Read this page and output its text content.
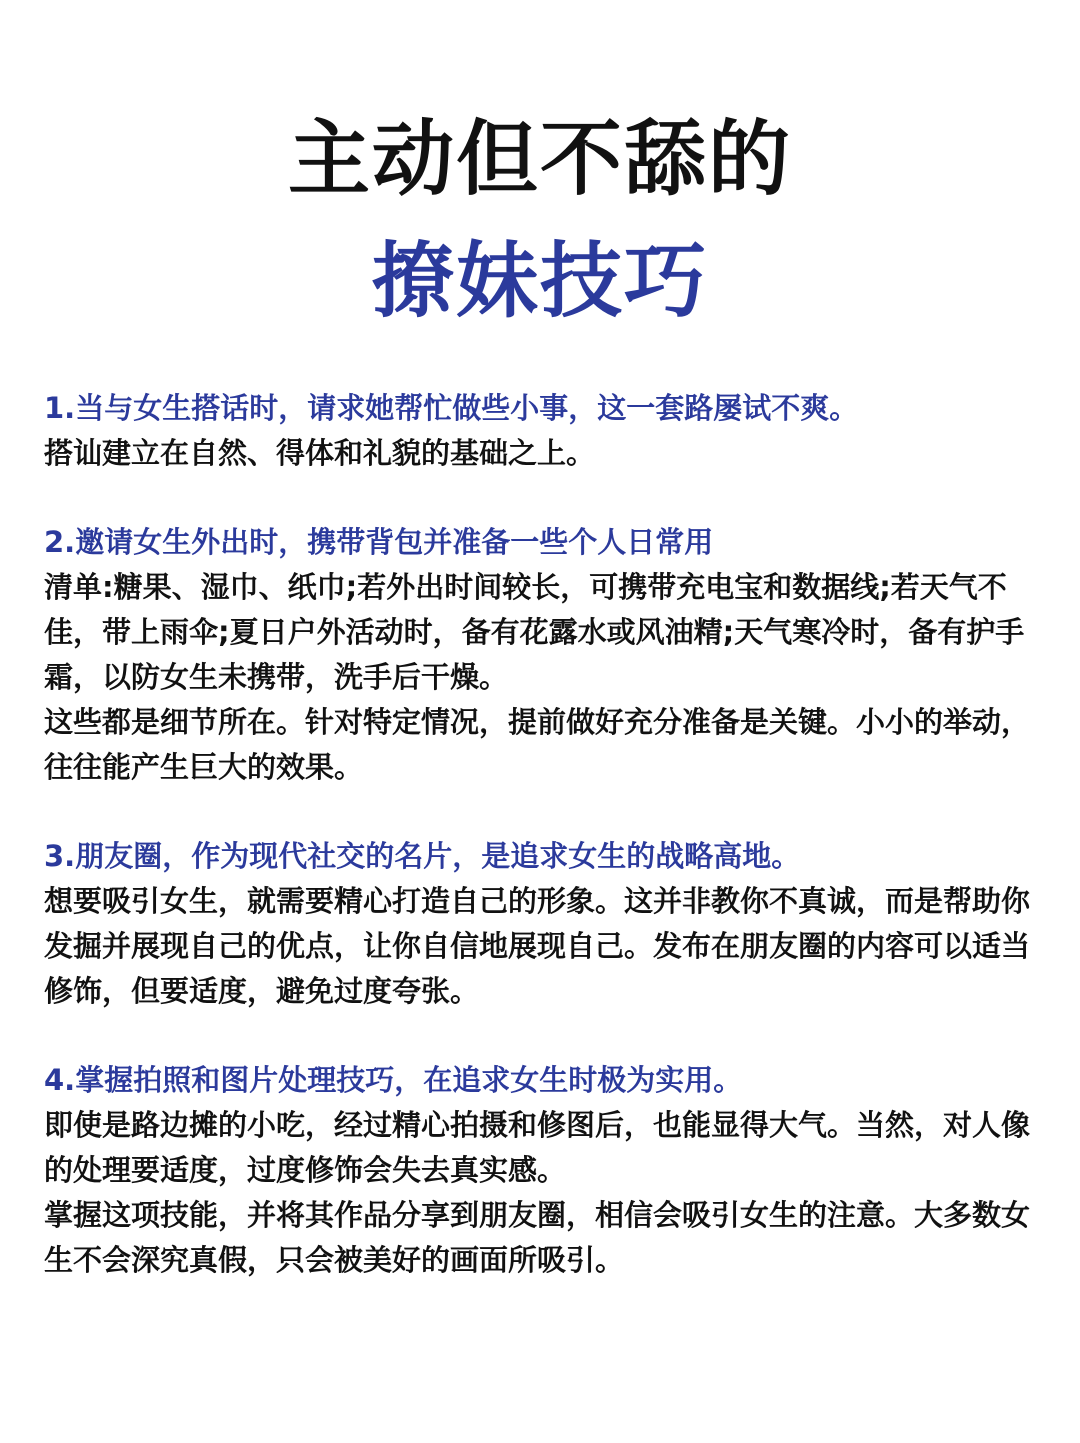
主动但不舔的
撩妹技巧

1.当与女生搭话时，请求她帮忙做些小事，这一套路屡试不爽。

搭讪建立在自然、得体和礼貌的基础之上。

2.邀请女生外出时，携带背包并准备一些个人日常用

清单:糖果、湿巾、纸巾;若外出时间较长，可携带充电宝和数据线;若天气不佳，带上雨伞;夏日户外活动时，备有花露水或风油精;天气寒冷时，备有护手霜，以防女生未携带，洗手后干燥。

这些都是细节所在。针对特定情况，提前做好充分准备是关键。小小的举动，往往能产生巨大的效果。

3.朋友圈，作为现代社交的名片，是追求女生的战略高地。

想要吸引女生，就需要精心打造自己的形象。这并非教你不真诚，而是帮助你发掘并展现自己的优点，让你自信地展现自己。发布在朋友圈的内容可以适当修饰，但要适度，避免过度夸张。

4.掌握拍照和图片处理技巧，在追求女生时极为实用。

即使是路边摊的小吃，经过精心拍摄和修图后，也能显得大气。当然，对人像的处理要适度，过度修饰会失去真实感。

掌握这项技能，并将其作品分享到朋友圈，相信会吸引女生的注意。大多数女生不会深究真假，只会被美好的画面所吸引。
